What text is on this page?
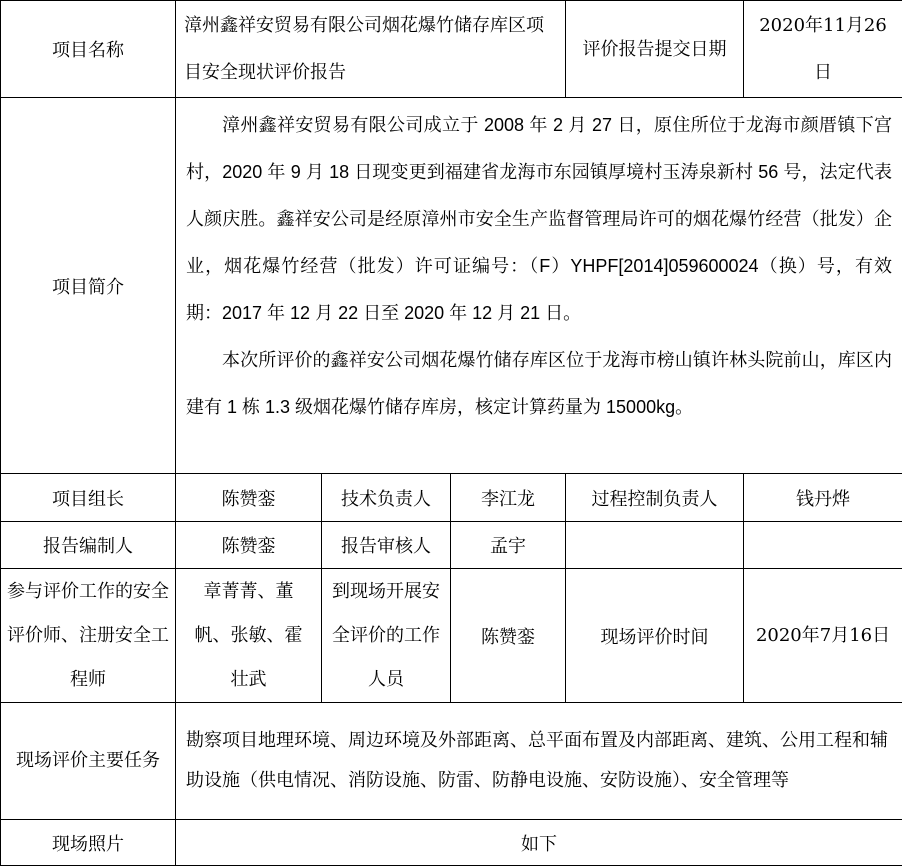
项目名称	漳州鑫祥安贸易有限公司烟花爆竹储存库区项目安全现状评价报告			评价报告提交日期	2020年11月26日
项目简介	漳州鑫祥安贸易有限公司成立于 2008 年 2 月 27 日，原住所位于龙海市颜厝镇下宫村，2020 年 9 月 18 日现变更到福建省龙海市东园镇厚境村玉涛泉新村 56 号，法定代表人颜庆胜。鑫祥安公司是经原漳州市安全生产监督管理局许可的烟花爆竹经营（批发）企业，烟花爆竹经营（批发）许可证编号：（F）YHPF[2014]059600024（换）号，有效期：2017 年 12 月 22 日至 2020 年 12 月 21 日。

本次所评价的鑫祥安公司烟花爆竹储存库区位于龙海市榜山镇许林头院前山，库区内建有 1 栋 1.3 级烟花爆竹储存库房，核定计算药量为 15000kg。				

项目组长	陈赞銮	技术负责人	李江龙	过程控制负责人	钱丹烨
报告编制人	陈赞銮	报告审核人	孟宇		
参与评价工作的安全评价师、注册安全工程师	章菁菁、董帆、张敏、霍壮武	到现场开展安全评价的工作人员	陈赞銮	现场评价时间	2020年7月16日
现场评价主要任务	勘察项目地理环境、周边环境及外部距离、总平面布置及内部距离、建筑、公用工程和辅助设施（供电情况、消防设施、防雷、防静电设施、安防设施）、安全管理等				
现场照片	如下				
